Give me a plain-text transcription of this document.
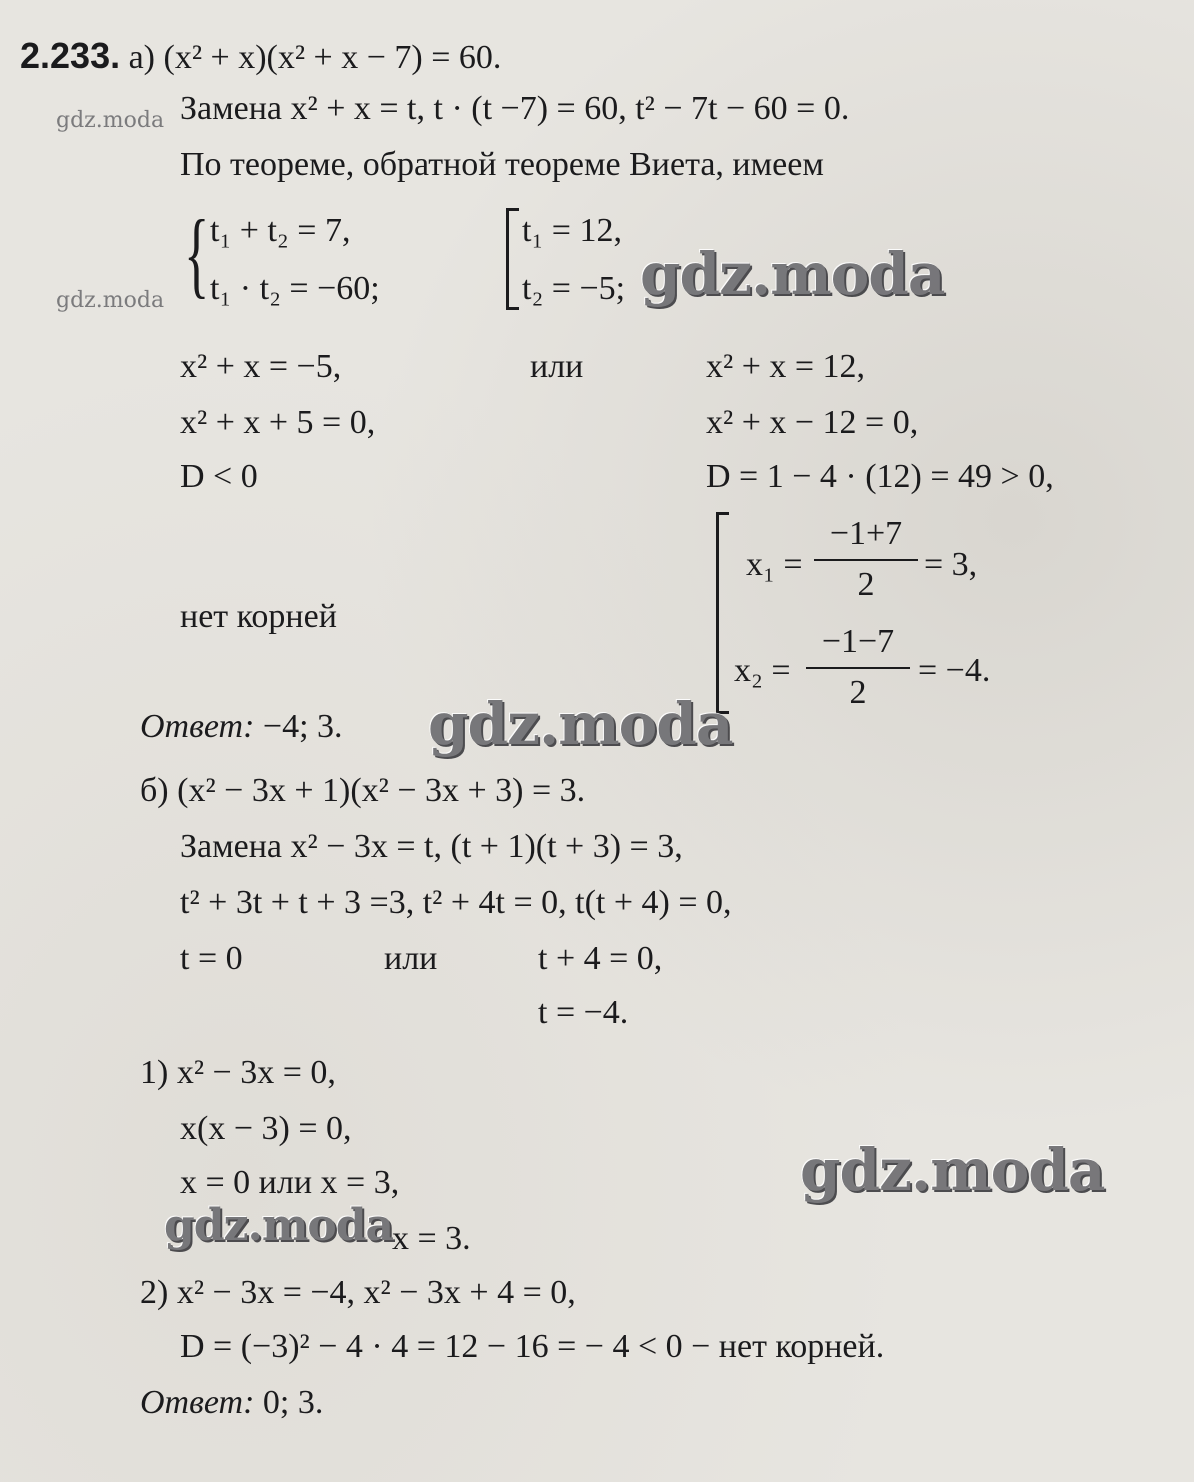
2.233. а) (x² + x)(x² + x − 7) = 60.
gdz.moda Замена x² + x = t, t · (t −7) = 60, t² − 7t − 60 = 0.
По теореме, обратной теореме Виета, имеем
{ t₁ + t₂ = 7,
t₁ · t₂ = −60;
gdz.moda
t₁ = 12,
t₂ = −5; gdz.moda
x² + x = −5,	или	x² + x = 12,
x² + x + 5 = 0,	x² + x − 12 = 0,
D < 0	D = 1 − 4 · (12) = 49 > 0,
нет корней
x₁ =
−1+7
2
= 3,
x₂ =
−1−7
2
= −4.
Ответ: −4; 3. gdz.moda
б) (x² − 3x + 1)(x² − 3x + 3) = 3.
Замена x² − 3x = t, (t + 1)(t + 3) = 3,
t² + 3t + t + 3 =3, t² + 4t = 0, t(t + 4) = 0,
t = 0	или	t + 4 = 0,
t = −4.
1) x² − 3x = 0,
x(x − 3) = 0,
x = 0 или x = 3,	gdz.moda
gdz.moda
x = 3.
2) x² − 3x = −4, x² − 3x + 4 = 0,
D = (−3)² − 4 · 4 = 12 − 16 = − 4 < 0 − нет корней.
Ответ: 0; 3.
